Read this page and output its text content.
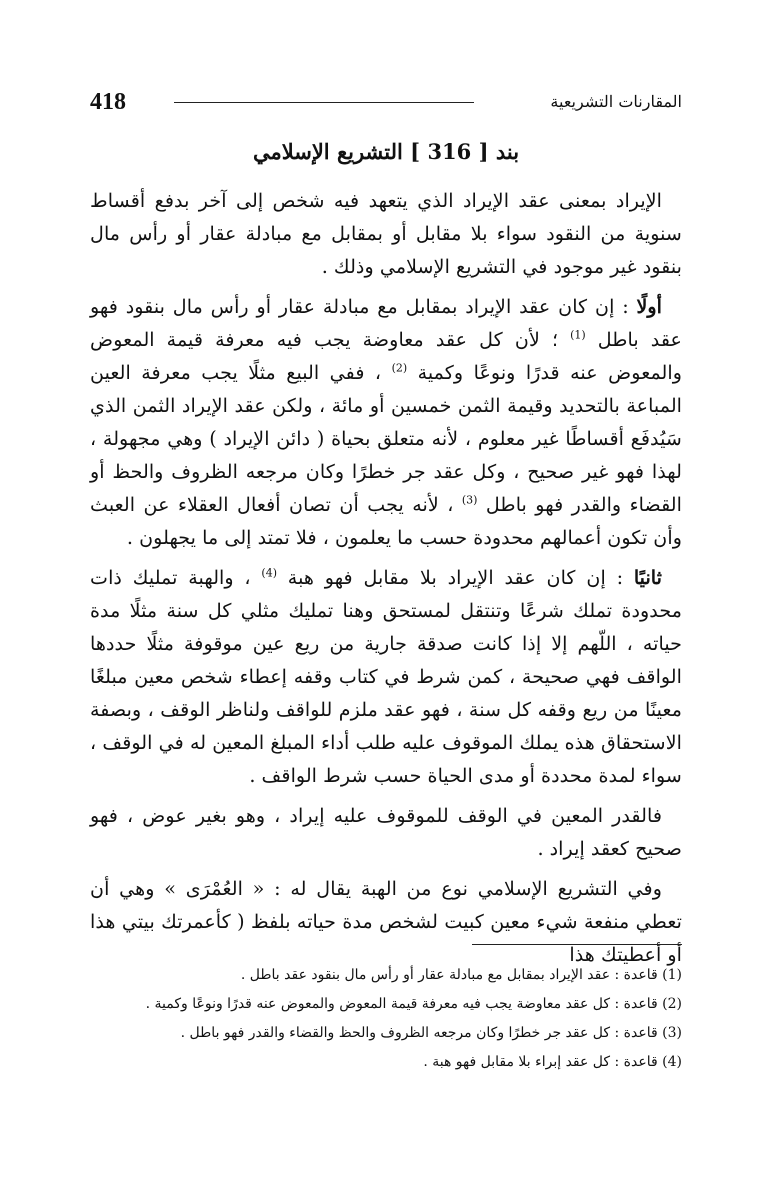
418	المقارنات التشريعية
بند [ 316 ] التشريع الإسلامي

الإيراد بمعنى عقد الإيراد الذي يتعهد فيه شخص إلى آخر بدفع أقساط سنوية من النقود سواء بلا مقابل أو بمقابل مع مبادلة عقار أو رأس مال بنقود غير موجود في التشريع الإسلامي وذلك .

أولًا : إن كان عقد الإيراد بمقابل مع مبادلة عقار أو رأس مال بنقود فهو عقد باطل $^{(1)}$ ؛ لأن كل عقد معاوضة يجب فيه معرفة قيمة المعوض والمعوض عنه قدرًا ونوعًا وكمية $^{(2)}$ ، ففي البيع مثلًا يجب معرفة العين المباعة بالتحديد وقيمة الثمن خمسين أو مائة ، ولكن عقد الإيراد الثمن الذي سَيُدفَع أقساطًا غير معلوم ، لأنه متعلق بحياة ( دائن الإيراد ) وهي مجهولة ، لهذا فهو غير صحيح ، وكل عقد جر خطرًا وكان مرجعه الظروف والحظ أو القضاء والقدر فهو باطل $^{(3)}$ ، لأنه يجب أن تصان أفعال العقلاء عن العبث وأن تكون أعمالهم محدودة حسب ما يعلمون ، فلا تمتد إلى ما يجهلون .

ثانيًا : إن كان عقد الإيراد بلا مقابل فهو هبة $^{(4)}$ ، والهبة تمليك ذات محدودة تملك شرعًا وتنتقل لمستحق وهنا تمليك مثلي كل سنة مثلًا مدة حياته ، اللّهم إلا إذا كانت صدقة جارية من ريع عين موقوفة مثلًا حددها الواقف فهي صحيحة ، كمن شرط في كتاب وقفه إعطاء شخص معين مبلغًا معينًا من ريع وقفه كل سنة ، فهو عقد ملزم للواقف ولناظر الوقف ، وبصفة الاستحقاق هذه يملك الموقوف عليه طلب أداء المبلغ المعين له في الوقف ، سواء لمدة محددة أو مدى الحياة حسب شرط الواقف .

فالقدر المعين في الوقف للموقوف عليه إيراد ، وهو بغير عوض ، فهو صحيح كعقد إيراد .

وفي التشريع الإسلامي نوع من الهبة يقال له : « العُمْرَى » وهي أن تعطي منفعة شيء معين كبيت لشخص مدة حياته بلفظ ( كأعمرتك بيتي هذا أو أعطيتك هذا

(1) قاعدة : عقد الإيراد بمقابل مع مبادلة عقار أو رأس مال بنقود عقد باطل .

(2) قاعدة : كل عقد معاوضة يجب فيه معرفة قيمة المعوض والمعوض عنه قدرًا ونوعًا وكمية .

(3) قاعدة : كل عقد جر خطرًا وكان مرجعه الظروف والحظ والقضاء والقدر فهو باطل .

(4) قاعدة : كل عقد إبراء بلا مقابل فهو هبة .
